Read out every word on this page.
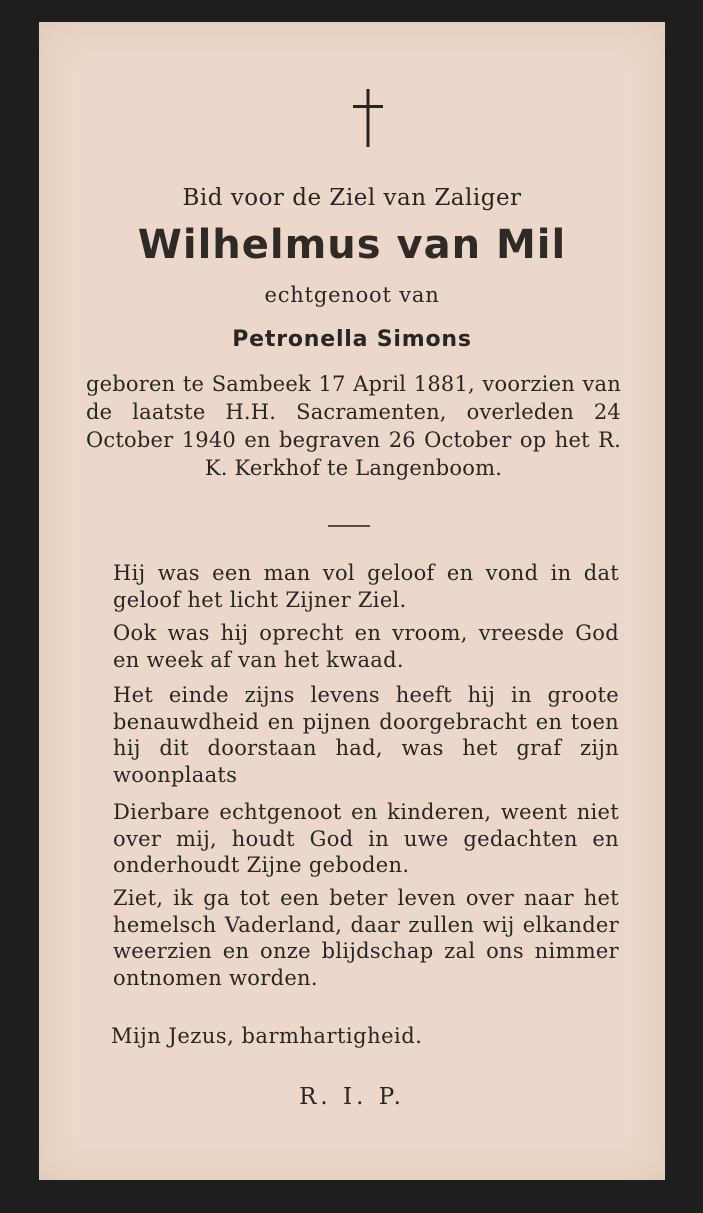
Bid voor de Ziel van Zaliger
Wilhelmus van Mil
echtgenoot van
Petronella Simons
geboren te Sambeek 17 April 1881, voorzien van de laatste H.H. Sacramenten, overleden 24 October 1940 en begraven 26 October op het R. K. Kerkhof te Langenboom.
Hij was een man vol geloof en vond in dat geloof het licht Zijner Ziel.
Ook was hij oprecht en vroom, vreesde God en week af van het kwaad.
Het einde zijns levens heeft hij in groote benauwdheid en pijnen doorgebracht en toen hij dit doorstaan had, was het graf zijn woonplaats
Dierbare echtgenoot en kinderen, weent niet over mij, houdt God in uwe gedachten en onderhoudt Zijne geboden.
Ziet, ik ga tot een beter leven over naar het hemelsch Vaderland, daar zullen wij elkander weerzien en onze blijdschap zal ons nimmer ontnomen worden.
Mijn Jezus, barmhartigheid.
R. I. P.
